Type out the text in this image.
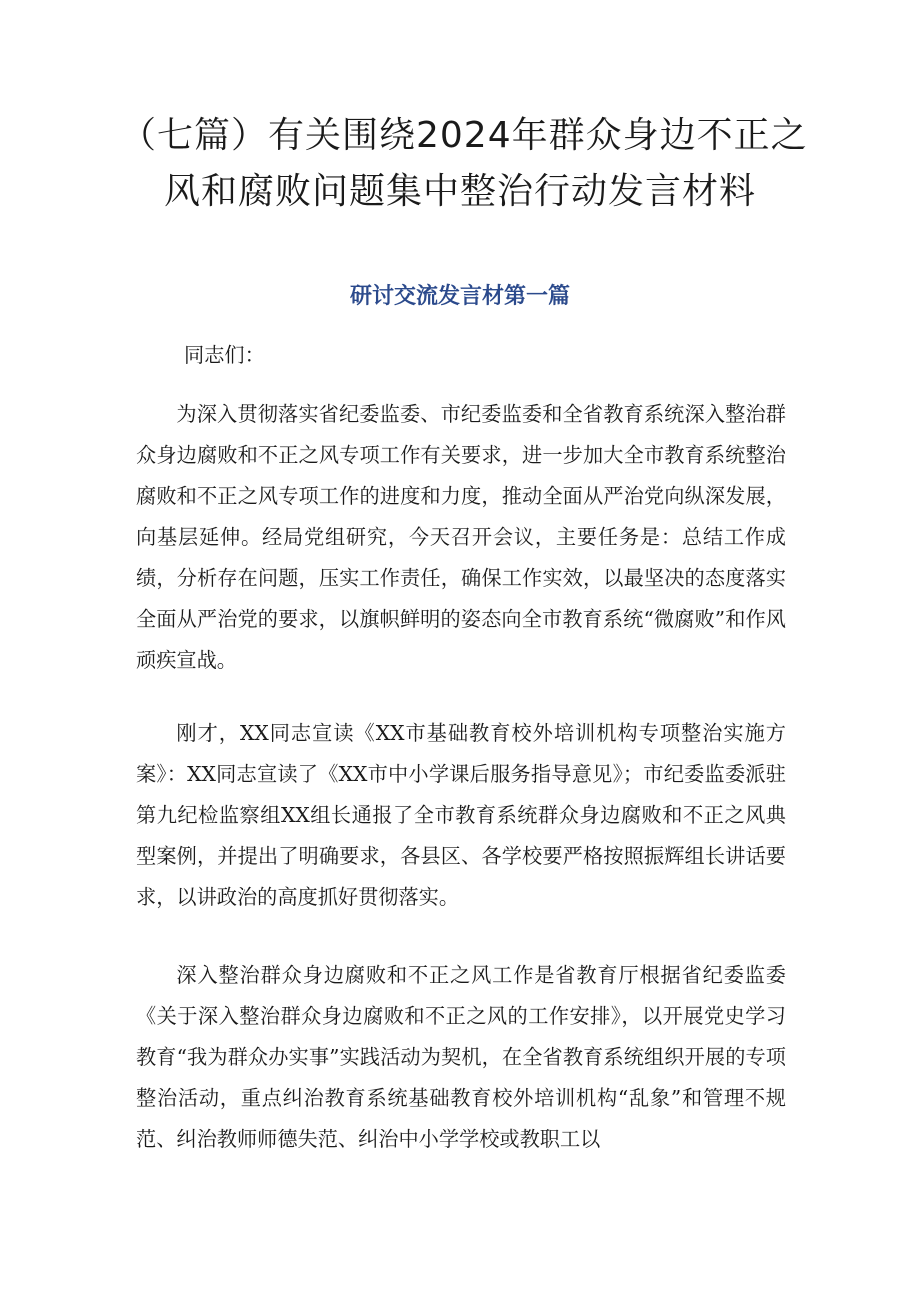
（七篇）有关围绕2024年群众身边不正之
风和腐败问题集中整治行动发言材料
研讨交流发言材第一篇
同志们：

为深入贯彻落实省纪委监委、市纪委监委和全省教育系统深入整治群众身边腐败和不正之风专项工作有关要求，进一步加大全市教育系统整治腐败和不正之风专项工作的进度和力度，推动全面从严治党向纵深发展，向基层延伸。经局党组研究，今天召开会议，主要任务是：总结工作成绩，分析存在问题，压实工作责任，确保工作实效，以最坚决的态度落实全面从严治党的要求，以旗帜鲜明的姿态向全市教育系统“微腐败”和作风顽疾宣战。

刚才，XX同志宣读《XX市基础教育校外培训机构专项整治实施方案》：XX同志宣读了《XX市中小学课后服务指导意见》；市纪委监委派驻第九纪检监察组XX组长通报了全市教育系统群众身边腐败和不正之风典型案例，并提出了明确要求，各县区、各学校要严格按照振辉组长讲话要求，以讲政治的高度抓好贯彻落实。

深入整治群众身边腐败和不正之风工作是省教育厅根据省纪委监委《关于深入整治群众身边腐败和不正之风的工作安排》，以开展党史学习教育“我为群众办实事”实践活动为契机，在全省教育系统组织开展的专项整治活动，重点纠治教育系统基础教育校外培训机构“乱象”和管理不规范、纠治教师师德失范、纠治中小学学校或教职工以
